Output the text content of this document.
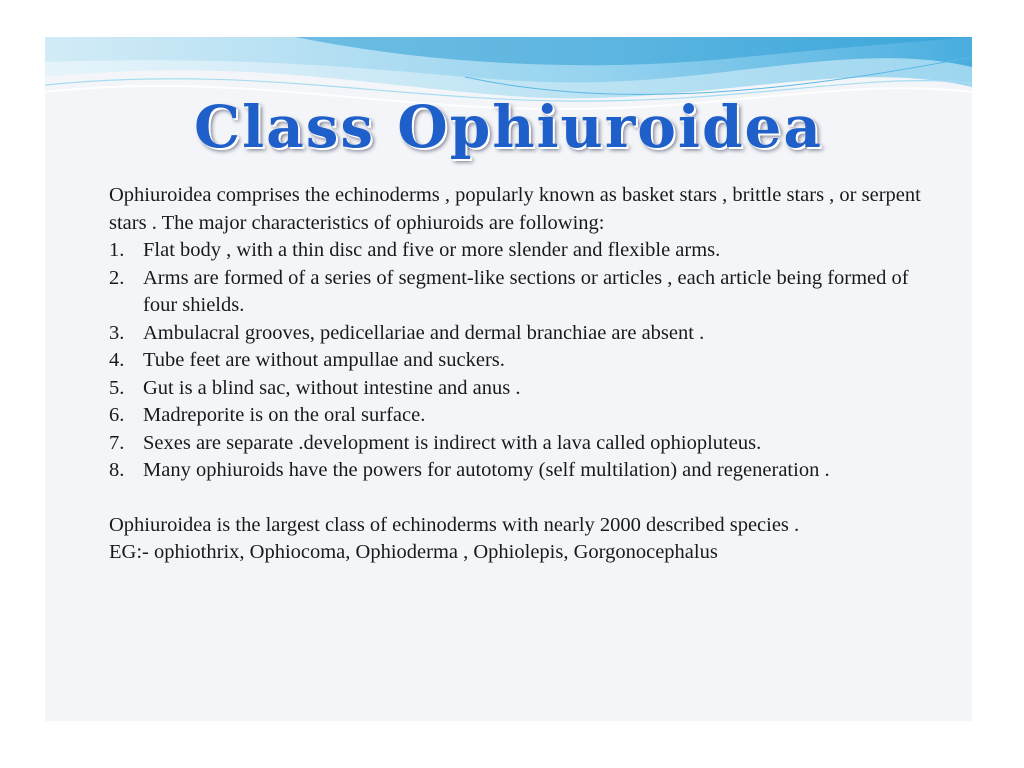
Class Ophiuroidea

Ophiuroidea comprises the echinoderms , popularly known as basket stars , brittle stars , or serpent stars . The major characteristics of ophiuroids are following:

1. Flat body , with a thin disc and five or more slender and flexible arms.
2. Arms are formed of a series of segment-like sections or articles , each article being formed of four shields.
3. Ambulacral grooves, pedicellariae and dermal branchiae are absent .
4. Tube feet are without ampullae and suckers.
5. Gut is a blind sac, without intestine and anus .
6. Madreporite is on the oral surface.
7. Sexes are separate .development is indirect with a lava called ophiopluteus.
8. Many ophiuroids have the powers for autotomy (self multilation) and regeneration .

Ophiuroidea is the largest class of echinoderms with nearly 2000 described species .

EG:- ophiothrix, Ophiocoma, Ophioderma , Ophiolepis, Gorgonocephalus
